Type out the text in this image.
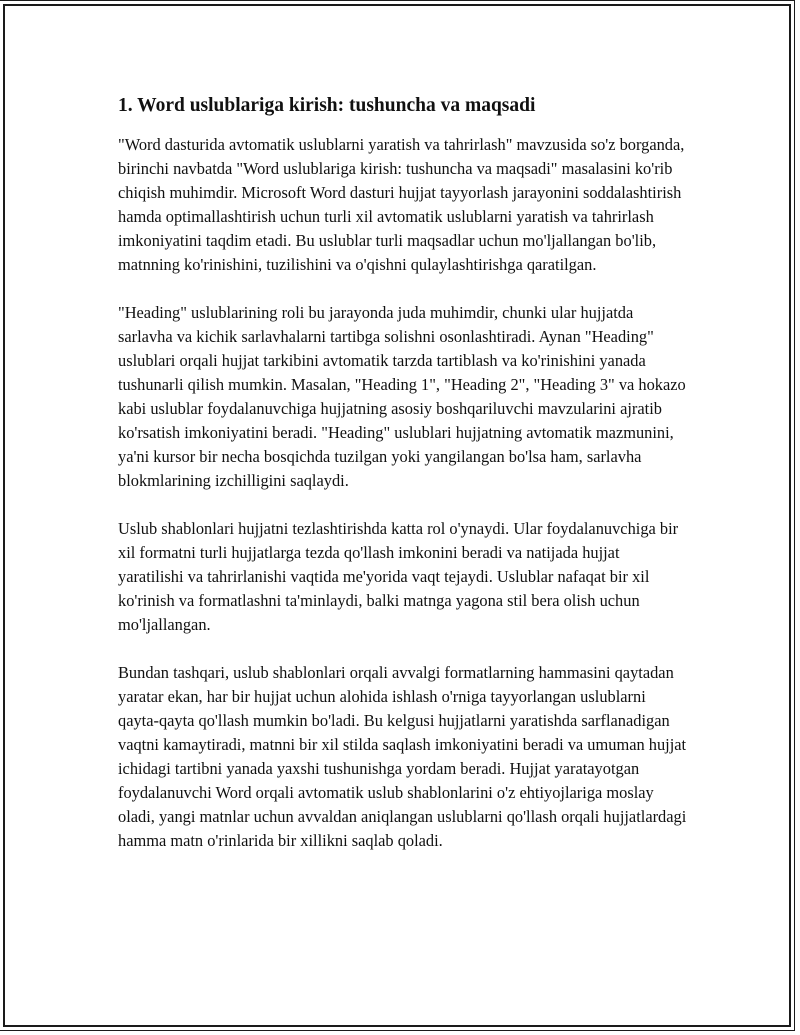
1. Word uslublariga kirish: tushuncha va maqsadi

"Word dasturida avtomatik uslublarni yaratish va tahrirlash" mavzusida so'z borganda, birinchi navbatda "Word uslublariga kirish: tushuncha va maqsadi" masalasini ko'rib chiqish muhimdir. Microsoft Word dasturi hujjat tayyorlash jarayonini soddalashtirish hamda optimallashtirish uchun turli xil avtomatik uslublarni yaratish va tahrirlash imkoniyatini taqdim etadi. Bu uslublar turli maqsadlar uchun mo'ljallangan bo'lib, matnning ko'rinishini, tuzilishini va o'qishni qulaylashtirishga qaratilgan.

"Heading" uslublarining roli bu jarayonda juda muhimdir, chunki ular hujjatda sarlavha va kichik sarlavhalarni tartibga solishni osonlashtiradi. Aynan "Heading" uslublari orqali hujjat tarkibini avtomatik tarzda tartiblash va ko'rinishini yanada tushunarli qilish mumkin. Masalan, "Heading 1", "Heading 2", "Heading 3" va hokazo kabi uslublar foydalanuvchiga hujjatning asosiy boshqariluvchi mavzularini ajratib ko'rsatish imkoniyatini beradi. "Heading" uslublari hujjatning avtomatik mazmunini, ya'ni kursor bir necha bosqichda tuzilgan yoki yangilangan bo'lsa ham, sarlavha blokmlarining izchilligini saqlaydi.

Uslub shablonlari hujjatni tezlashtirishda katta rol o'ynaydi. Ular foydalanuvchiga bir xil formatni turli hujjatlarga tezda qo'llash imkonini beradi va natijada hujjat yaratilishi va tahrirlanishi vaqtida me'yorida vaqt tejaydi. Uslublar nafaqat bir xil ko'rinish va formatlashni ta'minlaydi, balki matnga yagona stil bera olish uchun mo'ljallangan.

Bundan tashqari, uslub shablonlari orqali avvalgi formatlarning hammasini qaytadan yaratar ekan, har bir hujjat uchun alohida ishlash o'rniga tayyorlangan uslublarni qayta-qayta qo'llash mumkin bo'ladi. Bu kelgusi hujjatlarni yaratishda sarflanadigan vaqtni kamaytiradi, matnni bir xil stilda saqlash imkoniyatini beradi va umuman hujjat ichidagi tartibni yanada yaxshi tushunishga yordam beradi. Hujjat yaratayotgan foydalanuvchi Word orqali avtomatik uslub shablonlarini o'z ehtiyojlariga moslay oladi, yangi matnlar uchun avvaldan aniqlangan uslublarni qo'llash orqali hujjatlardagi hamma matn o'rinlarida bir xillikni saqlab qoladi.
